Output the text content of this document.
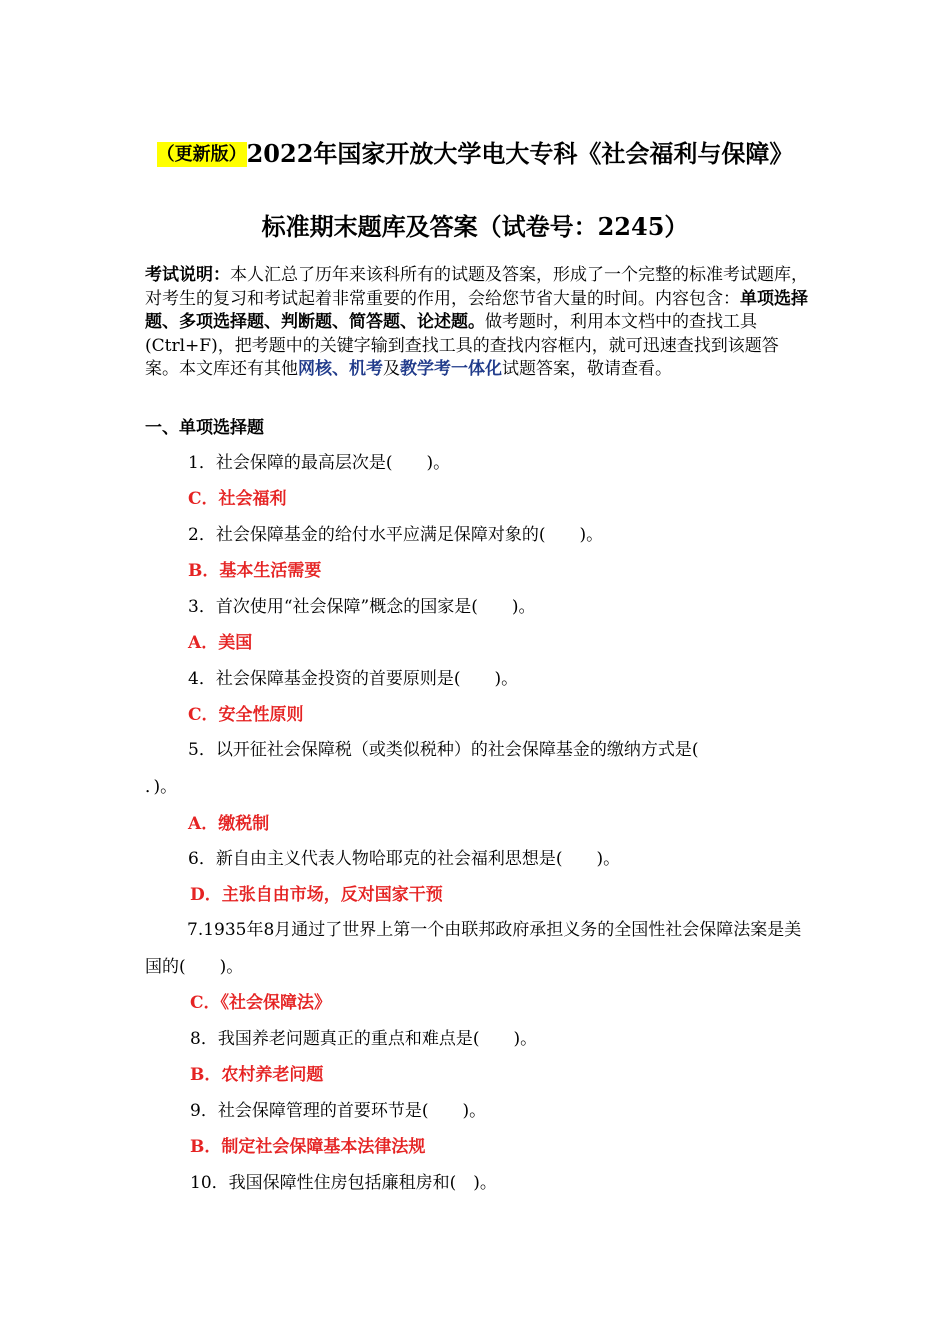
（更新版）2022年国家开放大学电大专科《社会福利与保障》
标准期末题库及答案（试卷号：2245）
考试说明：本人汇总了历年来该科所有的试题及答案，形成了一个完整的标准考试题库，对考生的复习和考试起着非常重要的作用，会给您节省大量的时间。内容包含：单项选择题、多项选择题、判断题、简答题、论述题。做考题时，利用本文档中的查找工具(Ctrl+F)，把考题中的关键字输到查找工具的查找内容框内，就可迅速查找到该题答案。本文库还有其他网核、机考及教学考一体化试题答案，敬请查看。
一、单项选择题
1．社会保障的最高层次是(　　)。
C．社会福利
2．社会保障基金的给付水平应满足保障对象的(　　)。
B．基本生活需要
3．首次使用“社会保障”概念的国家是(　　)。
A．美国
4．社会保障基金投资的首要原则是(　　)。
C．安全性原则
5．以开征社会保障税（或类似税种）的社会保障基金的缴纳方式是(
．)。
A．缴税制
6．新自由主义代表人物哈耶克的社会福利思想是(　　)。
D．主张自由市场，反对国家干预
7.1935年8月通过了世界上第一个由联邦政府承担义务的全国性社会保障法案是美国的(　　)。
C．《社会保障法》
8．我国养老问题真正的重点和难点是(　　)。
B．农村养老问题
9．社会保障管理的首要环节是(　　)。
B．制定社会保障基本法律法规
10．我国保障性住房包括廉租房和(　)。
